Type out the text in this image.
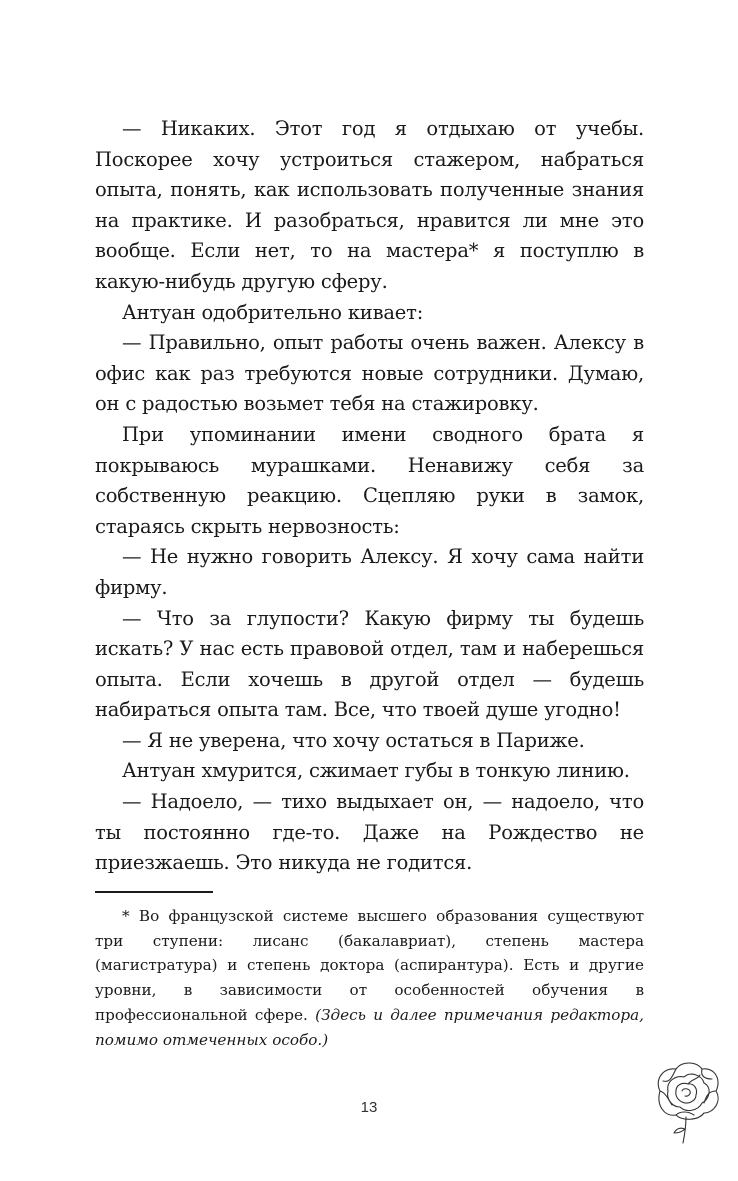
— Никаких. Этот год я отдыхаю от учебы. Поскорее хочу устроиться стажером, набраться опыта, понять, как использовать полученные знания на практике. И разобраться, нравится ли мне это вообще. Если нет, то на мастера* я поступлю в какую-нибудь другую сферу.

Антуан одобрительно кивает:

— Правильно, опыт работы очень важен. Алексу в офис как раз требуются новые сотрудники. Думаю, он с радостью возьмет тебя на стажировку.

При упоминании имени сводного брата я покрываюсь мурашками. Ненавижу себя за собственную реакцию. Сцепляю руки в замок, стараясь скрыть нервозность:

— Не нужно говорить Алексу. Я хочу сама найти фирму.

— Что за глупости? Какую фирму ты будешь искать? У нас есть правовой отдел, там и наберешься опыта. Если хочешь в другой отдел — будешь набираться опыта там. Все, что твоей душе угодно!

— Я не уверена, что хочу остаться в Париже.

Антуан хмурится, сжимает губы в тонкую линию.

— Надоело, — тихо выдыхает он, — надоело, что ты постоянно где-то. Даже на Рождество не приезжаешь. Это никуда не годится.

* Во французской системе высшего образования существуют три ступени: лисанс (бакалавриат), степень мастера (магистратура) и степень доктора (аспирантура). Есть и другие уровни, в зависимости от особенностей обучения в профессиональной сфере. (Здесь и далее примечания редактора, помимо отмеченных особо.)

13
